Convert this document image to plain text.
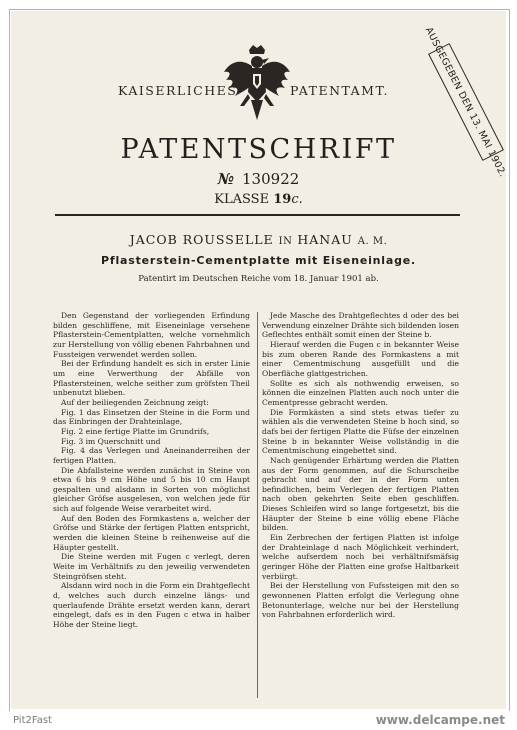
KAISERLICHES	PATENTAMT.	AUSGEGEBEN DEN 13. MAI 1902.
PATENTSCHRIFT
№ 130922
KLASSE 19c.
JACOB ROUSSELLE IN HANAU A. M.
Pflasterstein-Cementplatte mit Eiseneinlage.
Patentirt im Deutschen Reiche vom 18. Januar 1901 ab.

Den Gegenstand der vorliegenden Erfindung bilden geschliffene, mit Eiseneinlage versehene Pflasterstein-Cementplatten, welche vornehmlich zur Herstellung von völlig ebenen Fahrbahnen und Fussteigen verwendet werden sollen.

Bei der Erfindung handelt es sich in erster Linie um eine Verwerthung der Abfälle von Pflastersteinen, welche seither zum gröfsten Theil unbenutzt blieben.

Auf der beiliegenden Zeichnung zeigt:

Fig. 1 das Einsetzen der Steine in die Form und das Einbringen der Drahteinlage,

Fig. 2 eine fertige Platte im Grundrifs,

Fig. 3 im Querschnitt und

Fig. 4 das Verlegen und Aneinanderreihen der fertigen Platten.

Die Abfallsteine werden zunächst in Steine von etwa 6 bis 9 cm Höhe und 5 bis 10 cm Haupt gespalten und alsdann in Sorten von möglichst gleicher Gröfse ausgelesen, von welchen jede für sich auf folgende Weise verarbeitet wird.

Auf den Boden des Formkastens a, welcher der Gröfse und Stärke der fertigen Platten entspricht, werden die kleinen Steine b reihenweise auf die Häupter gestellt.

Die Steine werden mit Fugen c verlegt, deren Weite im Verhältnifs zu den jeweilig verwendeten Steingröfsen steht.

Alsdann wird noch in die Form ein Drahtgeflecht d, welches auch durch einzelne längs- und querlaufende Drähte ersetzt werden kann, derart eingelegt, dafs es in den Fugen c etwa in halber Höhe der Steine liegt.

Jede Masche des Drahtgeflechtes d oder des bei Verwendung einzelner Drähte sich bildenden losen Geflechtes enthält somit einen der Steine b.

Hierauf werden die Fugen c in bekannter Weise bis zum oberen Rande des Formkastens a mit einer Cementmischung ausgefüllt und die Oberfläche glattgestrichen.

Sollte es sich als nothwendig erweisen, so können die einzelnen Platten auch noch unter die Cementpresse gebracht werden.

Die Formkästen a sind stets etwas tiefer zu wählen als die verwendeten Steine b hoch sind, so dafs bei der fertigen Platte die Füfse der einzelnen Steine b in bekannter Weise vollständig in die Cementmischung eingebettet sind.

Nach genügender Erhärtung werden die Platten aus der Form genommen, auf die Schurscheibe gebracht und auf der in der Form unten befindlichen, beim Verlegen der fertigen Platten nach oben gekehrten Seite eben geschliffen. Dieses Schleifen wird so lange fortgesetzt, bis die Häupter der Steine b eine völlig ebene Fläche bilden.

Ein Zerbrechen der fertigen Platten ist infolge der Drahteinlage d nach Möglichkeit verhindert, welche aufserdem noch bei verhältnifsmäfsig geringer Höhe der Platten eine grofse Haltbarkeit verbürgt.

Bei der Herstellung von Fufssteigen mit den so gewonnenen Platten erfolgt die Verlegung ohne Betonunterlage, welche nur bei der Herstellung von Fahrbahnen erforderlich wird.

Pit2Fast	www.delcampe.net
